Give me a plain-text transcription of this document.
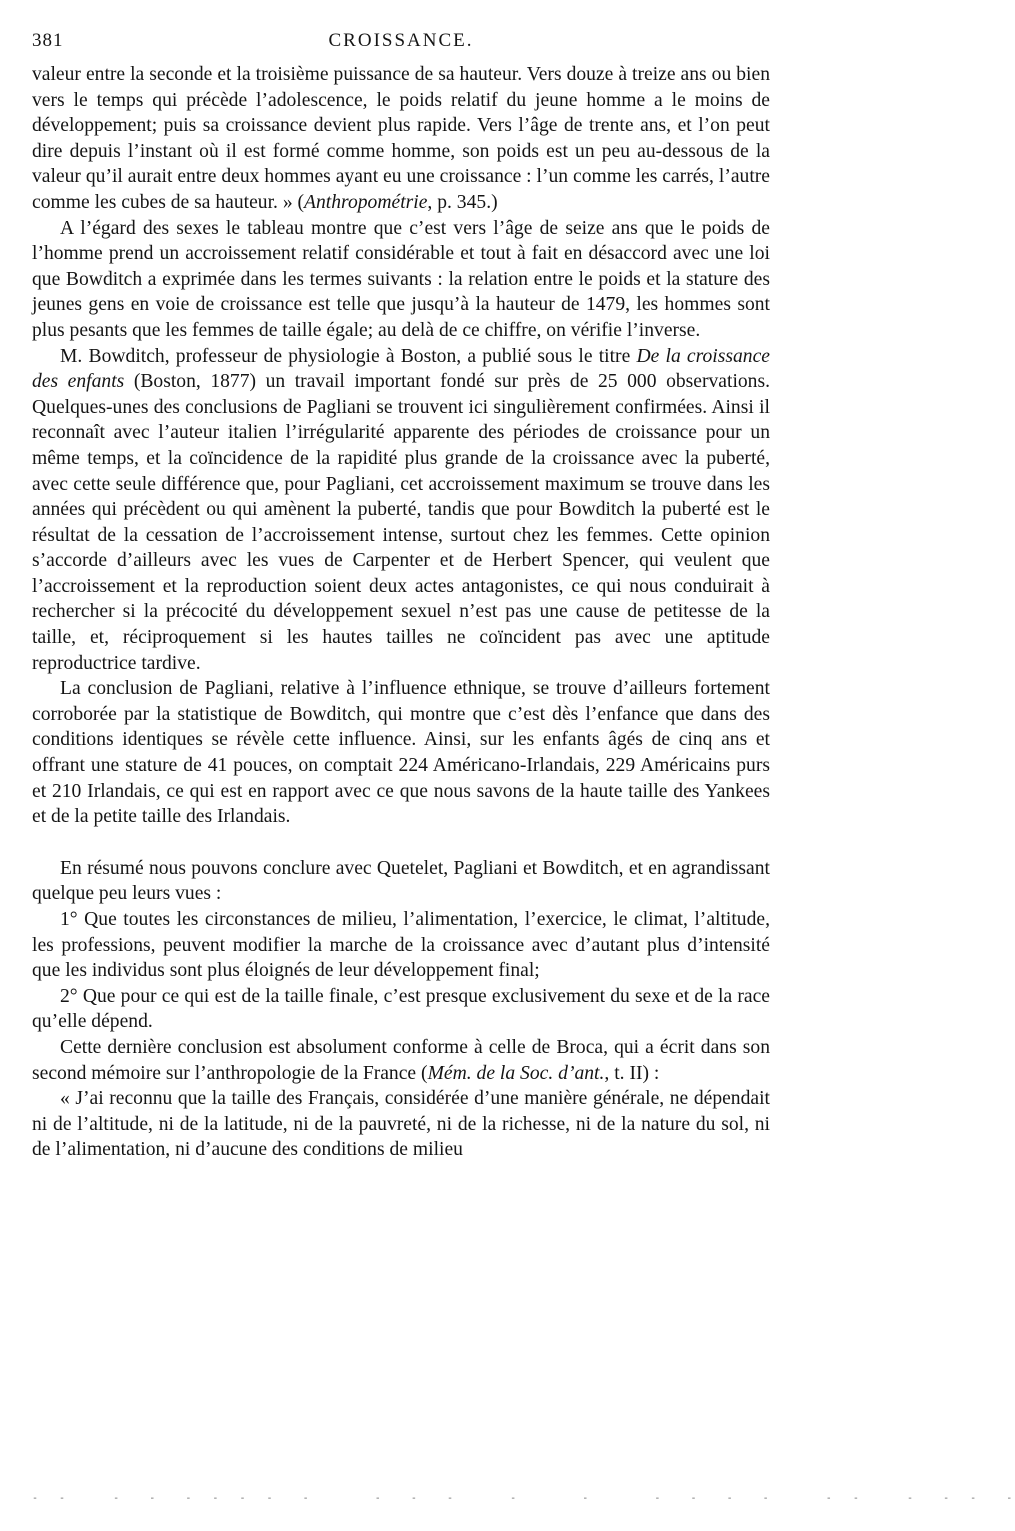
381	CROISSANCE.

valeur entre la seconde et la troisième puissance de sa hauteur. Vers douze à treize ans ou bien vers le temps qui précède l’adolescence, le poids relatif du jeune homme a le moins de développement; puis sa croissance devient plus rapide. Vers l’âge de trente ans, et l’on peut dire depuis l’instant où il est formé comme homme, son poids est un peu au-dessous de la valeur qu’il aurait entre deux hommes ayant eu une croissance : l’un comme les carrés, l’autre comme les cubes de sa hauteur. » (Anthropométrie, p. 345.)

A l’égard des sexes le tableau montre que c’est vers l’âge de seize ans que le poids de l’homme prend un accroissement relatif considérable et tout à fait en désaccord avec une loi que Bowditch a exprimée dans les termes suivants : la relation entre le poids et la stature des jeunes gens en voie de croissance est telle que jusqu’à la hauteur de 1479, les hommes sont plus pesants que les femmes de taille égale; au delà de ce chiffre, on vérifie l’inverse.

M. Bowditch, professeur de physiologie à Boston, a publié sous le titre De la croissance des enfants (Boston, 1877) un travail important fondé sur près de 25 000 observations. Quelques-unes des conclusions de Pagliani se trouvent ici singulièrement confirmées. Ainsi il reconnaît avec l’auteur italien l’irrégularité apparente des périodes de croissance pour un même temps, et la coïncidence de la rapidité plus grande de la croissance avec la puberté, avec cette seule différence que, pour Pagliani, cet accroissement maximum se trouve dans les années qui précèdent ou qui amènent la puberté, tandis que pour Bowditch la puberté est le résultat de la cessation de l’accroissement intense, surtout chez les femmes. Cette opinion s’accorde d’ailleurs avec les vues de Carpenter et de Herbert Spencer, qui veulent que l’accroissement et la reproduction soient deux actes antagonistes, ce qui nous conduirait à rechercher si la précocité du développement sexuel n’est pas une cause de petitesse de la taille, et, réciproquement si les hautes tailles ne coïncident pas avec une aptitude reproductrice tardive.

La conclusion de Pagliani, relative à l’influence ethnique, se trouve d’ailleurs fortement corroborée par la statistique de Bowditch, qui montre que c’est dès l’enfance que dans des conditions identiques se révèle cette influence. Ainsi, sur les enfants âgés de cinq ans et offrant une stature de 41 pouces, on comptait 224 Américano-Irlandais, 229 Américains purs et 210 Irlandais, ce qui est en rapport avec ce que nous savons de la haute taille des Yankees et de la petite taille des Irlandais.

En résumé nous pouvons conclure avec Quetelet, Pagliani et Bowditch, et en agrandissant quelque peu leurs vues :

1° Que toutes les circonstances de milieu, l’alimentation, l’exercice, le climat, l’altitude, les professions, peuvent modifier la marche de la croissance avec d’autant plus d’intensité que les individus sont plus éloignés de leur développement final;

2° Que pour ce qui est de la taille finale, c’est presque exclusivement du sexe et de la race qu’elle dépend.

Cette dernière conclusion est absolument conforme à celle de Broca, qui a écrit dans son second mémoire sur l’anthropologie de la France (Mém. de la Soc. d’ant., t. II) :

« J’ai reconnu que la taille des Français, considérée d’une manière générale, ne dépendait ni de l’altitude, ni de la latitude, ni de la pauvreté, ni de la richesse, ni de la nature du sol, ni de l’alimentation, ni d’aucune des conditions de milieu

-  -     -   -   -  -  -  -   -       -   -   -      -       -       -   -   -   -      -  -     -   -  -   -
